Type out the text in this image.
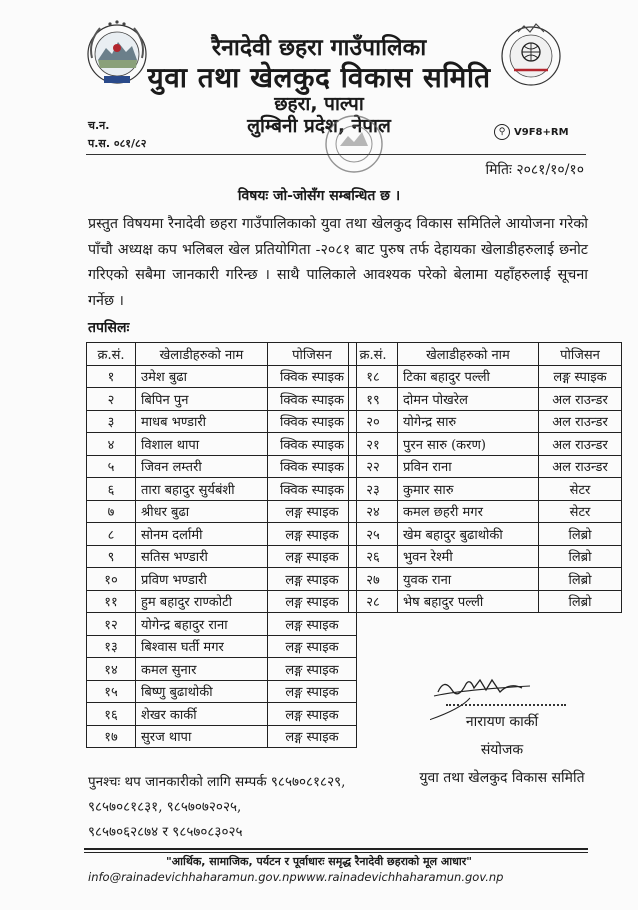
रैनादेवी छहरा गाउँपालिका
युवा तथा खेलकुद विकास समिति
छहरा, पाल्पा
लुम्बिनी प्रदेश, नेपाल
च.न.
प.स. ०८१/८२
⚲ V9F8+RM
मितिः २०८१/१०/१०
विषयः जो-जोसँग सम्बन्धित छ ।
प्रस्तुत विषयमा रैनादेवी छहरा गाउँपालिकाको युवा तथा खेलकुद विकास समितिले आयोजना गरेको पाँचौ अध्यक्ष कप भलिबल खेल प्रतियोगिता -२०८१ बाट पुरुष तर्फ देहायका खेलाडीहरुलाई छनोट गरिएको सबैमा जानकारी गरिन्छ । साथै पालिकाले आवश्यक परेको बेलामा यहाँहरुलाई सूचना गर्नेछ ।
तपसिलः
क्र.सं.	खेलाडीहरुको नाम	पोजिसन
१	उमेश बुढा	क्विक स्पाइक
२	बिपिन पुन	क्विक स्पाइक
३	माधब भण्डारी	क्विक स्पाइक
४	विशाल थापा	क्विक स्पाइक
५	जिवन लम्तरी	क्विक स्पाइक
६	तारा बहादुर सुर्यबंशी	क्विक स्पाइक
७	श्रीधर बुढा	लङ्ग स्पाइक
८	सोनम दर्लामी	लङ्ग स्पाइक
९	सतिस भण्डारी	लङ्ग स्पाइक
१०	प्रविण भण्डारी	लङ्ग स्पाइक
११	हुम बहादुर राण्कोटी	लङ्ग स्पाइक
१२	योगेन्द्र बहादुर राना	लङ्ग स्पाइक
१३	बिश्वास घर्ती मगर	लङ्ग स्पाइक
१४	कमल सुनार	लङ्ग स्पाइक
१५	बिष्णु बुढाथोकी	लङ्ग स्पाइक
१६	शेखर कार्की	लङ्ग स्पाइक
१७	सुरज थापा	लङ्ग स्पाइक
क्र.सं.	खेलाडीहरुको नाम	पोजिसन
१८	टिका बहादुर पल्ली	लङ्ग स्पाइक
१९	दोमन पोखरेल	अल राउन्डर
२०	योगेन्द्र सारु	अल राउन्डर
२१	पुरन सारु (करण)	अल राउन्डर
२२	प्रविन राना	अल राउन्डर
२३	कुमार सारु	सेटर
२४	कमल छहरी मगर	सेटर
२५	खेम बहादुर बुढाथोकी	लिब्रो
२६	भुवन रेश्मी	लिब्रो
२७	युवक राना	लिब्रो
२८	भेष बहादुर पल्ली	लिब्रो
नारायण कार्की
संयोजक
युवा तथा खेलकुद विकास समिति
पुनश्चः थप जानकारीको लागि सम्पर्क ९८५७०८१८२९,
९८५७०८१८३१, ९८५७०७२०२५,
९८५७०६२८७४ र ९८५७०८३०२५
"आर्थिक, सामाजिक, पर्यटन र पूर्वाधारः समृद्ध रैनादेवी छहराको मूल आधार"
info@rainadevichhaharamun.gov.npwww.rainadevichhaharamun.gov.np
